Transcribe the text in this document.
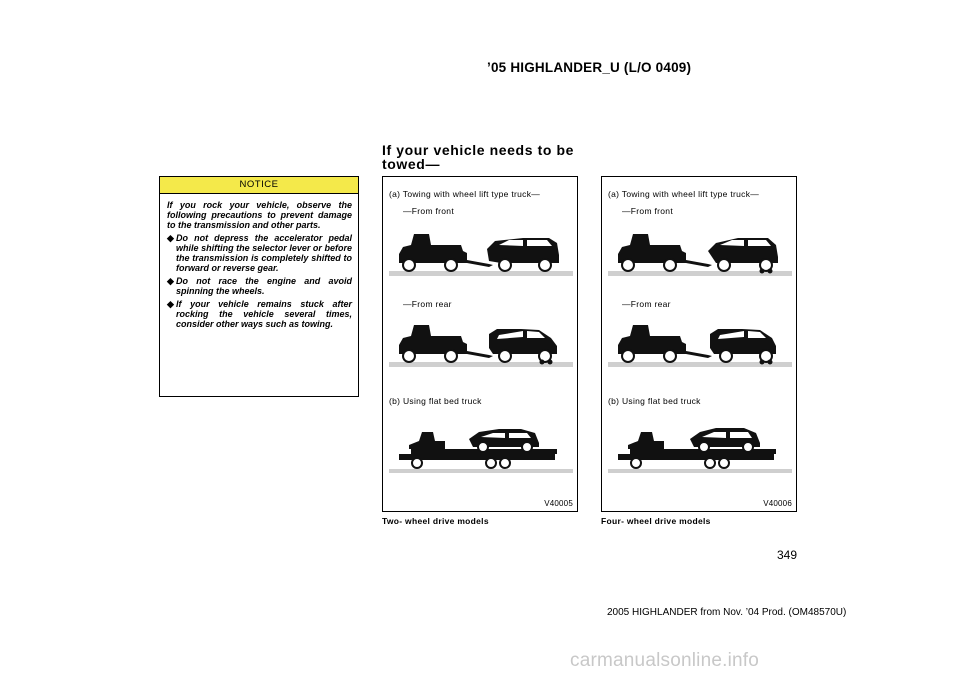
’05 HIGHLANDER_U (L/O 0409)
NOTICE
If you rock your vehicle, observe the following precautions to prevent damage to the transmission and other parts.
◆ Do not depress the accelerator pedal while shifting the selector lever or before the transmission is completely shifted to forward or reverse gear.
◆ Do not race the engine and avoid spinning the wheels.
◆ If your vehicle remains stuck after rocking the vehicle several times, consider other ways such as towing.
If your vehicle needs to be towed—
(a) Towing with wheel lift type truck—
—From front
—From rear
(b) Using flat bed truck
V40005
Two- wheel drive models
(a) Towing with wheel lift type truck—
—From front
—From rear
(b) Using flat bed truck
V40006
Four- wheel drive models
349
2005 HIGHLANDER from Nov. ’04 Prod. (OM48570U)
carmanualsonline.info
